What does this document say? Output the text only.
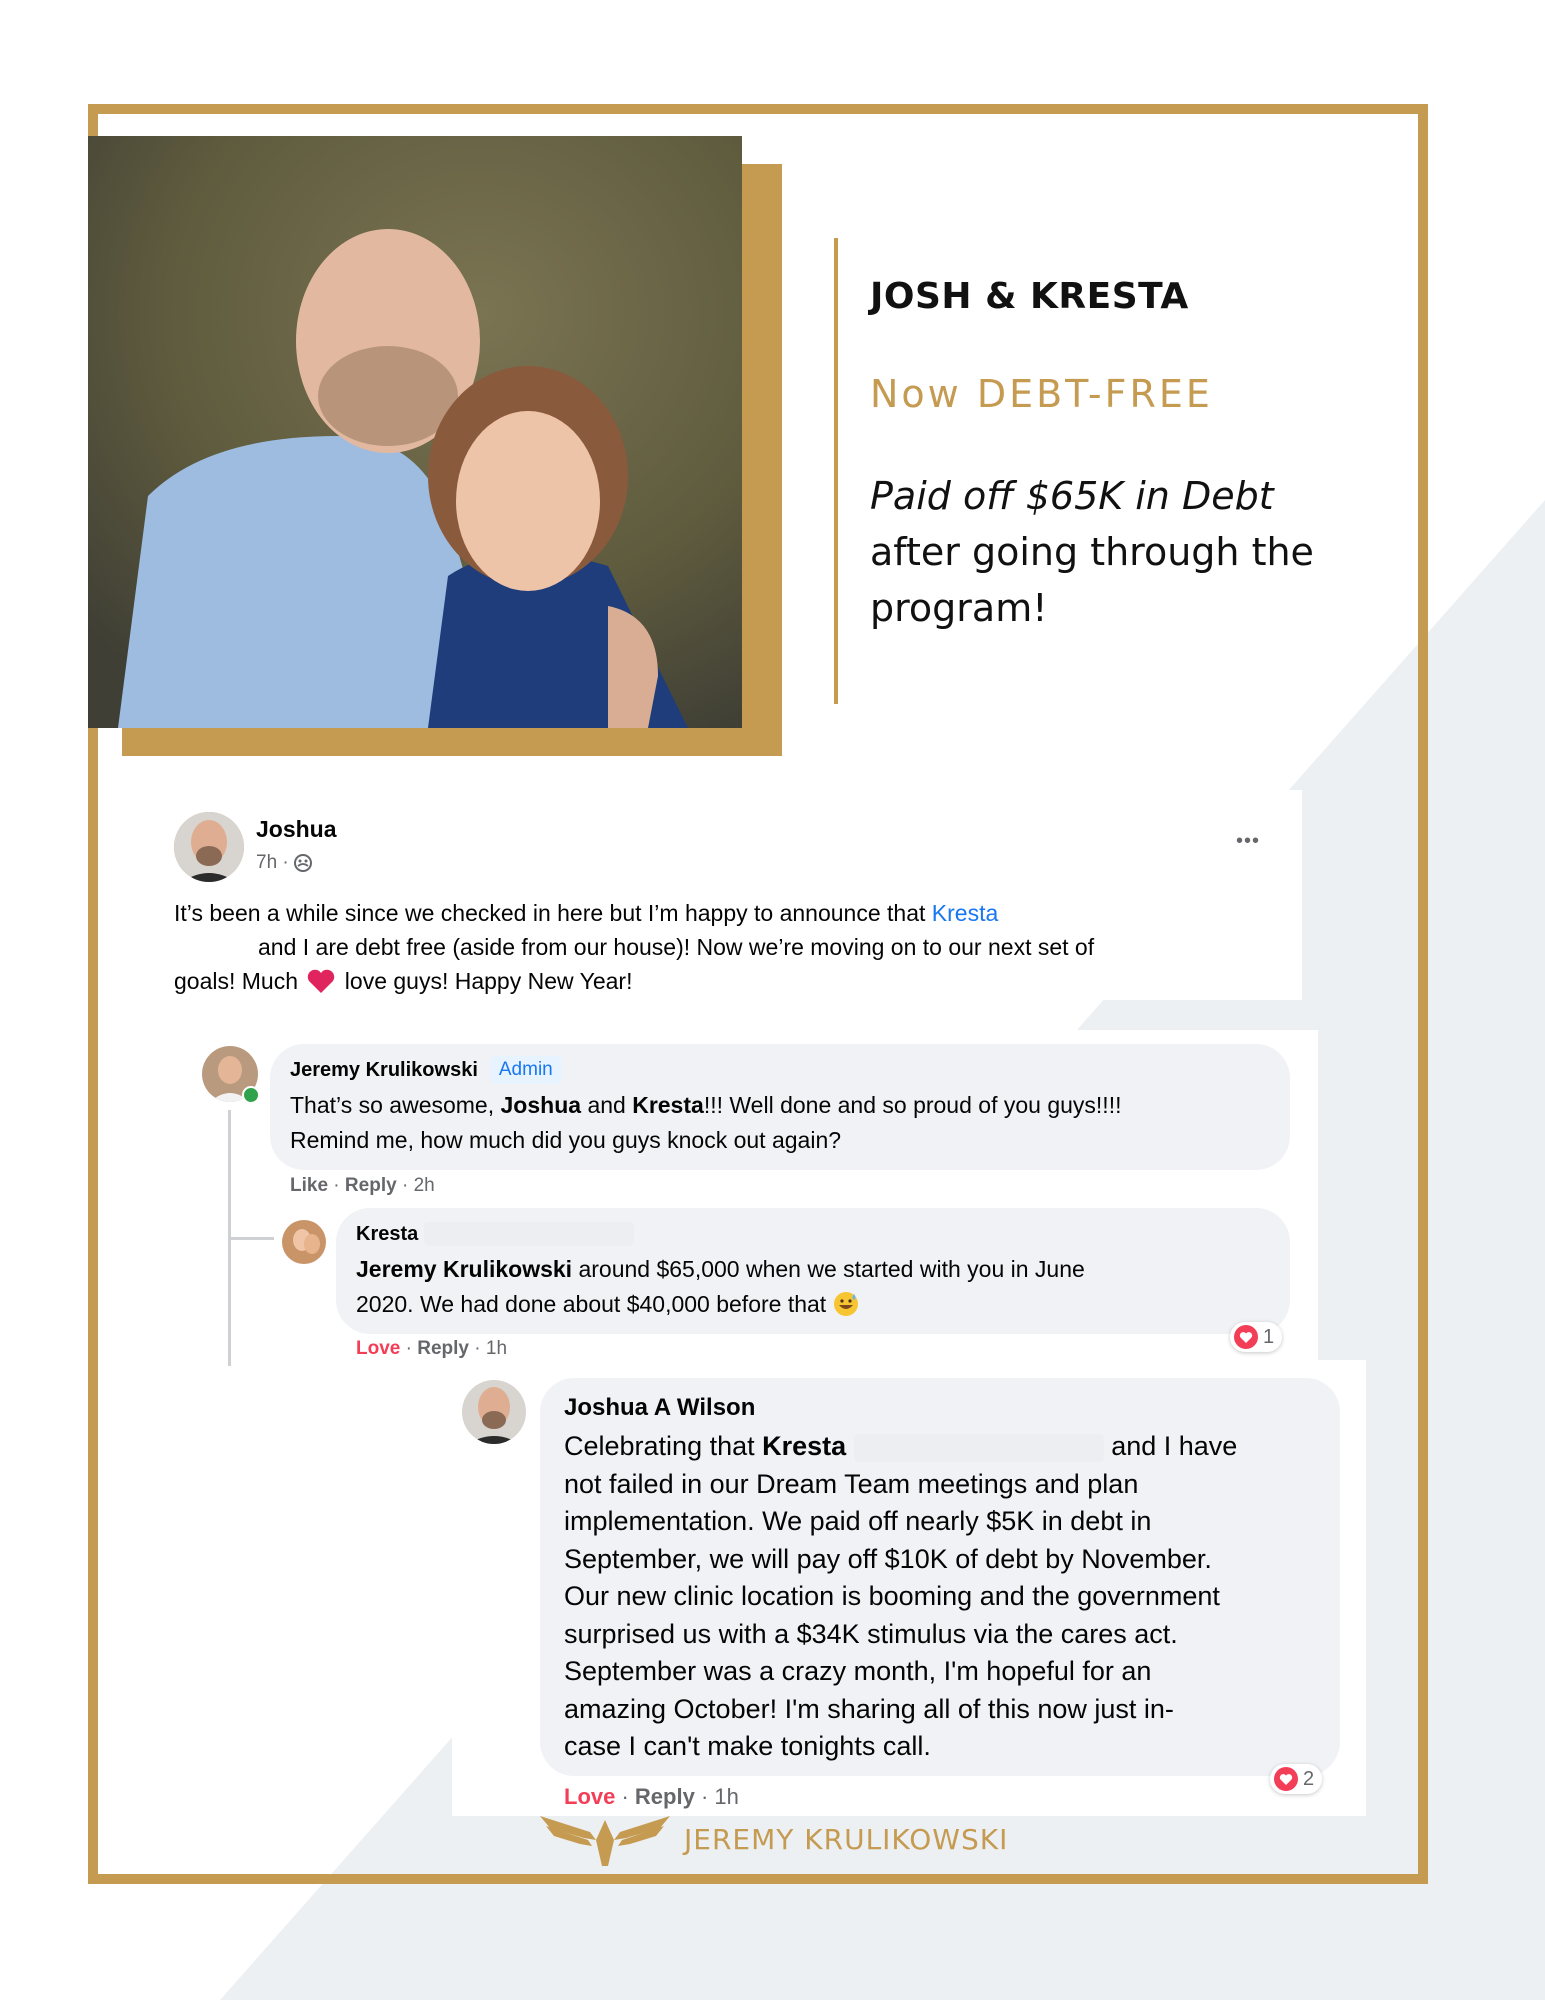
JOSH & KRESTA
Now DEBT-FREE
Paid off $65K in Debt
after going through the program!
Joshua
7h ·
•••
It’s been a while since we checked in here but I’m happy to announce that Kresta
and I are debt free (aside from our house)! Now we’re moving on to our next set of
goals! Much love guys! Happy New Year!
Jeremy Krulikowski	Admin
That’s so awesome, Joshua and Kresta!!! Well done and so proud of you guys!!!!
Remind me, how much did you guys knock out again?
Like · Reply · 2h
Kresta
Jeremy Krulikowski around $65,000 when we started with you in June
2020. We had done about $40,000 before that
1
Love · Reply · 1h
Joshua A Wilson
Celebrating that Kresta	and I have
not failed in our Dream Team meetings and plan
implementation. We paid off nearly $5K in debt in
September, we will pay off $10K of debt by November.
Our new clinic location is booming and the government
surprised us with a $34K stimulus via the cares act.
September was a crazy month, I'm hopeful for an
amazing October! I'm sharing all of this now just in-
case I can't make tonights call.
2
Love · Reply · 1h
JEREMY KRULIKOWSKI
